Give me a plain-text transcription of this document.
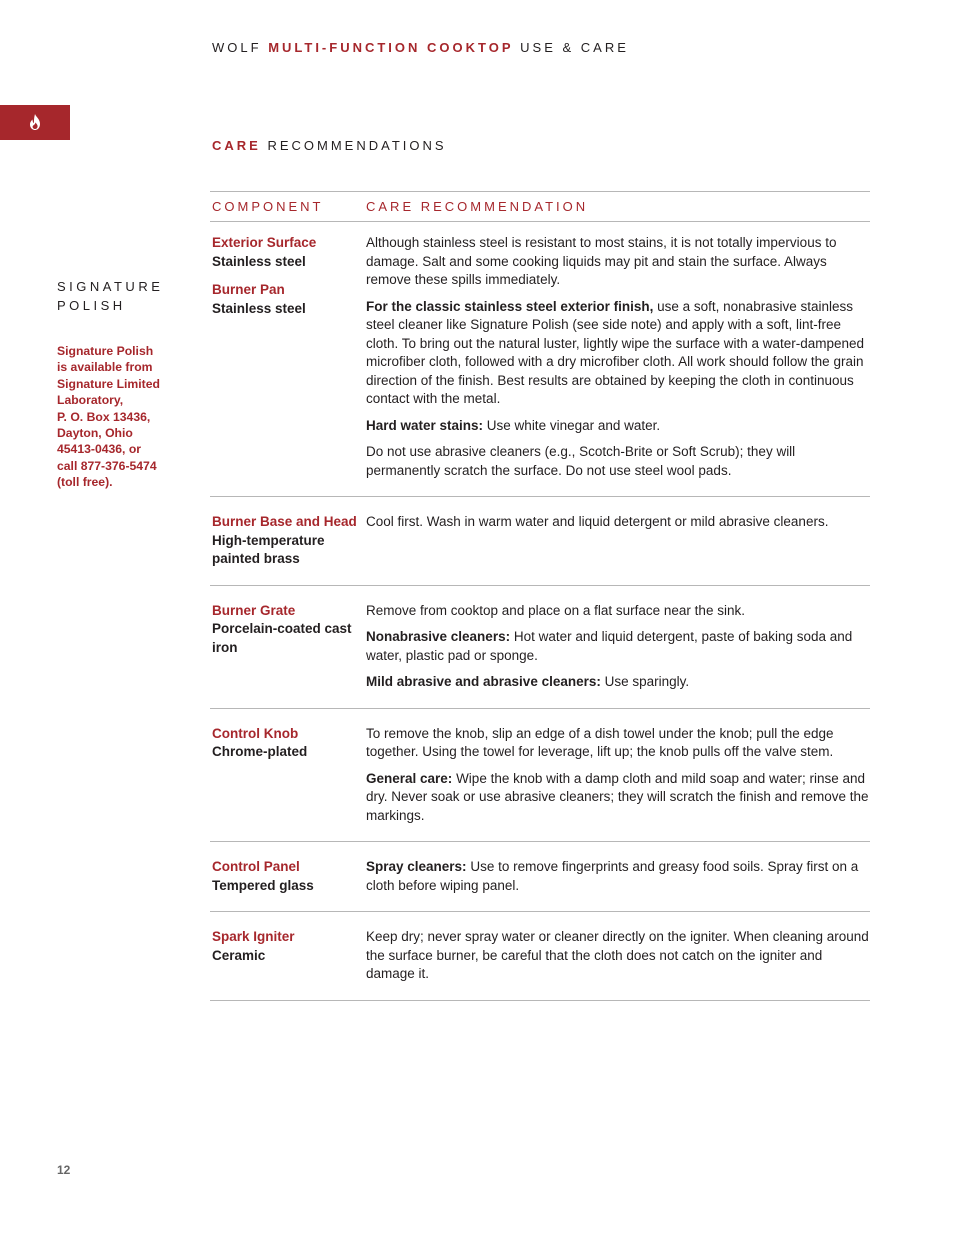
WOLF MULTI-FUNCTION COOKTOP USE & CARE
CARE RECOMMENDATIONS
SIGNATURE
POLISH
Signature Polish
is available from
Signature Limited
Laboratory,
P. O. Box 13436,
Dayton, Ohio
45413-0436, or
call 877-376-5474
(toll free).
COMPONENT	CARE RECOMMENDATION
Exterior Surface
Stainless steel
Burner Pan
Stainless steel

Although stainless steel is resistant to most stains, it is not totally impervious to damage. Salt and some cooking liquids may pit and stain the surface. Always remove these spills immediately.

For the classic stainless steel exterior finish, use a soft, nonabrasive stainless steel cleaner like Signature Polish (see side note) and apply with a soft, lint-free cloth. To bring out the natural luster, lightly wipe the surface with a water-dampened microfiber cloth, followed with a dry microfiber cloth. All work should follow the grain direction of the finish. Best results are obtained by keeping the cloth in continuous contact with the metal.

Hard water stains: Use white vinegar and water.

Do not use abrasive cleaners (e.g., Scotch-Brite or Soft Scrub); they will permanently scratch the surface. Do not use steel wool pads.

Burner Base and Head
High-temperature painted brass

Cool first. Wash in warm water and liquid detergent or mild abrasive cleaners.

Burner Grate
Porcelain-coated cast iron

Remove from cooktop and place on a flat surface near the sink.

Nonabrasive cleaners: Hot water and liquid detergent, paste of baking soda and water, plastic pad or sponge.

Mild abrasive and abrasive cleaners: Use sparingly.

Control Knob
Chrome-plated

To remove the knob, slip an edge of a dish towel under the knob; pull the edge together. Using the towel for leverage, lift up; the knob pulls off the valve stem.

General care: Wipe the knob with a damp cloth and mild soap and water; rinse and dry. Never soak or use abrasive cleaners; they will scratch the finish and remove the markings.

Control Panel
Tempered glass

Spray cleaners: Use to remove fingerprints and greasy food soils. Spray first on a cloth before wiping panel.

Spark Igniter
Ceramic

Keep dry; never spray water or cleaner directly on the igniter. When cleaning around the surface burner, be careful that the cloth does not catch on the igniter and damage it.

12
